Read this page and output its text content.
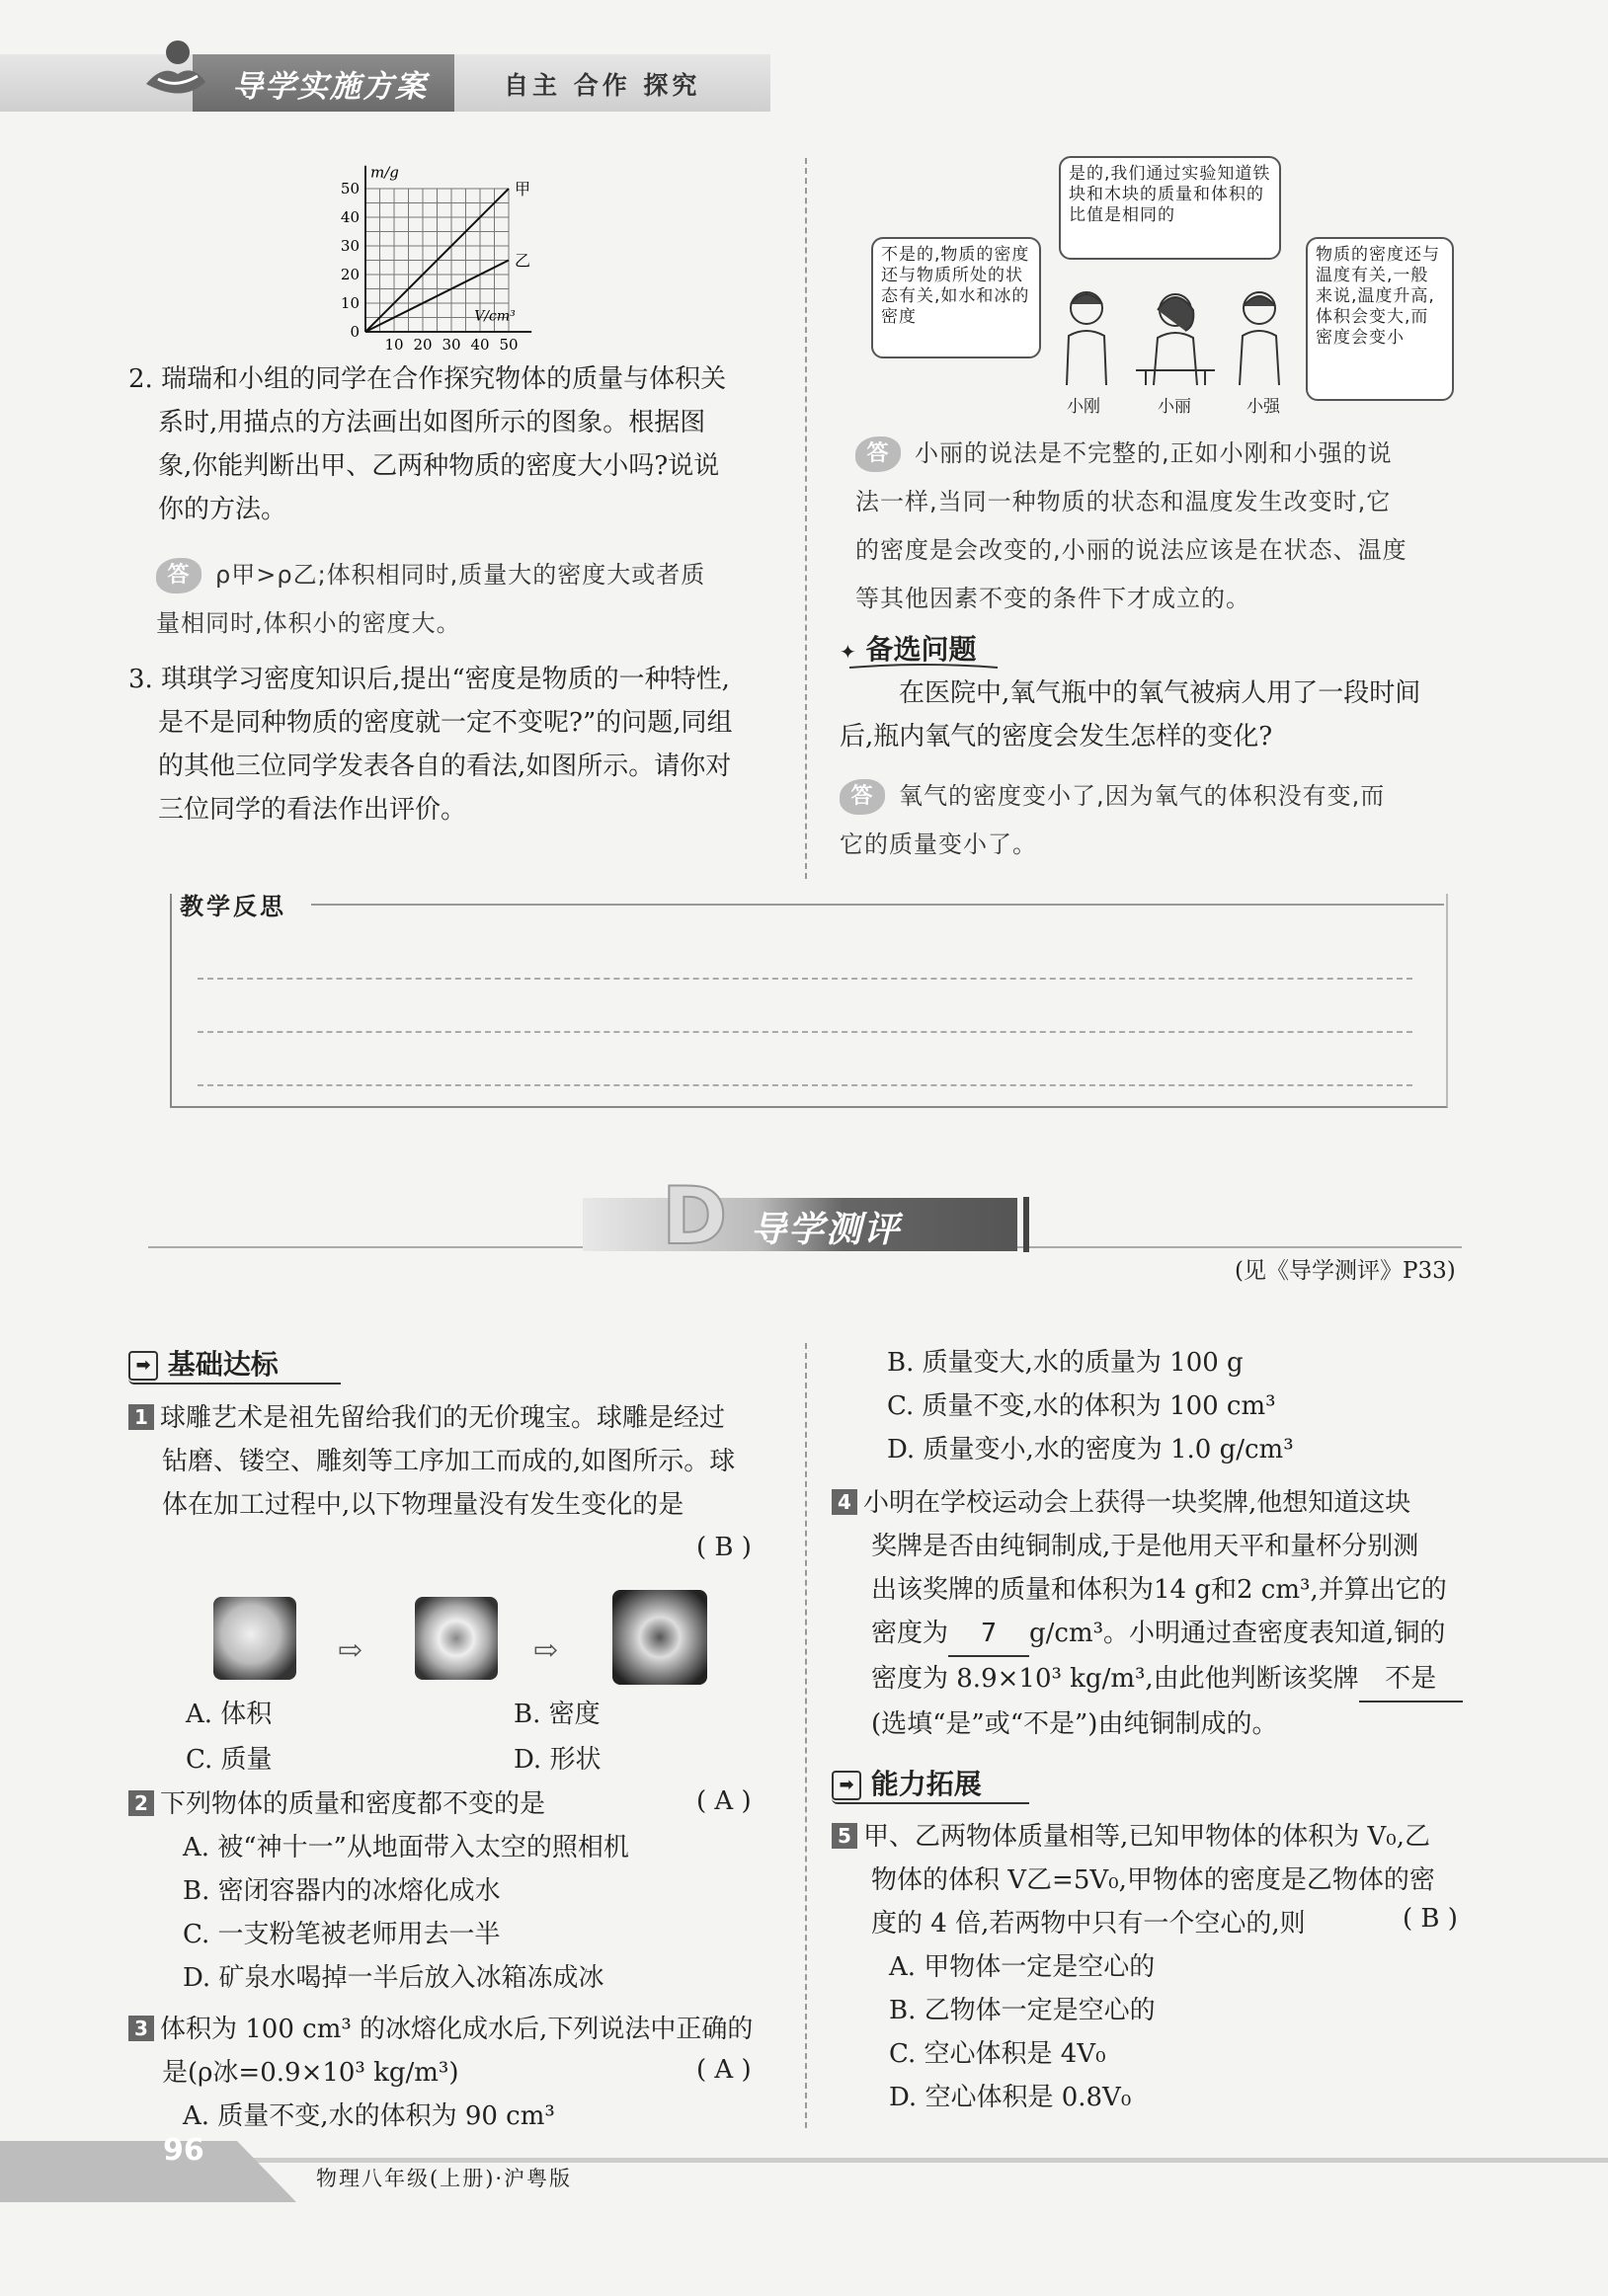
导学实施方案	自主 合作 探究
m/g
V/cm³
50
40
30
20
10
0
10 20 30 40 50
甲
乙
2. 瑞瑞和小组的同学在合作探究物体的质量与体积关
系时,用描点的方法画出如图所示的图象。根据图
象,你能判断出甲、乙两种物质的密度大小吗?说说
你的方法。
答 ρ甲>ρ乙;体积相同时,质量大的密度大或者质
量相同时,体积小的密度大。
3. 琪琪学习密度知识后,提出“密度是物质的一种特性,
是不是同种物质的密度就一定不变呢?”的问题,同组
的其他三位同学发表各自的看法,如图所示。请你对
三位同学的看法作出评价。
是的,我们通过实验知道铁块和木块的质量和体积的比值是相同的
不是的,物质的密度还与物质所处的状态有关,如水和冰的密度
物质的密度还与温度有关,一般来说,温度升高,体积会变大,而密度会变小
小刚	小丽	小强
答 小丽的说法是不完整的,正如小刚和小强的说
法一样,当同一种物质的状态和温度发生改变时,它
的密度是会改变的,小丽的说法应该是在状态、温度
等其他因素不变的条件下才成立的。
✦ 备选问题
在医院中,氧气瓶中的氧气被病人用了一段时间
后,瓶内氧气的密度会发生怎样的变化?
答 氧气的密度变小了,因为氧气的体积没有变,而
它的质量变小了。
教学反思
D 导学测评
(见《导学测评》P33)
➡ 基础达标
1 球雕艺术是祖先留给我们的无价瑰宝。球雕是经过
钻磨、镂空、雕刻等工序加工而成的,如图所示。球
体在加工过程中,以下物理量没有发生变化的是
( B )
⇨	⇨
A. 体积	B. 密度
C. 质量	D. 形状
2 下列物体的质量和密度都不变的是
A. 被“神十一”从地面带入太空的照相机
B. 密闭容器内的冰熔化成水
C. 一支粉笔被老师用去一半
D. 矿泉水喝掉一半后放入冰箱冻成冰
( A )
3 体积为 100 cm³ 的冰熔化成水后,下列说法中正确的
是(ρ冰=0.9×10³ kg/m³)
A. 质量不变,水的体积为 90 cm³
( A )
B. 质量变大,水的质量为 100 g
C. 质量不变,水的体积为 100 cm³
D. 质量变小,水的密度为 1.0 g/cm³
4 小明在学校运动会上获得一块奖牌,他想知道这块
奖牌是否由纯铜制成,于是他用天平和量杯分别测
出该奖牌的质量和体积为14 g和2 cm³,并算出它的
密度为 7 g/cm³。小明通过查密度表知道,铜的
密度为 8.9×10³ kg/m³,由此他判断该奖牌 不是
(选填“是”或“不是”)由纯铜制成的。
➡ 能力拓展
5 甲、乙两物体质量相等,已知甲物体的体积为 V₀,乙
物体的体积 V乙=5V₀,甲物体的密度是乙物体的密
度的 4 倍,若两物中只有一个空心的,则
A. 甲物体一定是空心的
B. 乙物体一定是空心的
C. 空心体积是 4V₀
D. 空心体积是 0.8V₀
( B )
96
物理八年级(上册)·沪粤版
